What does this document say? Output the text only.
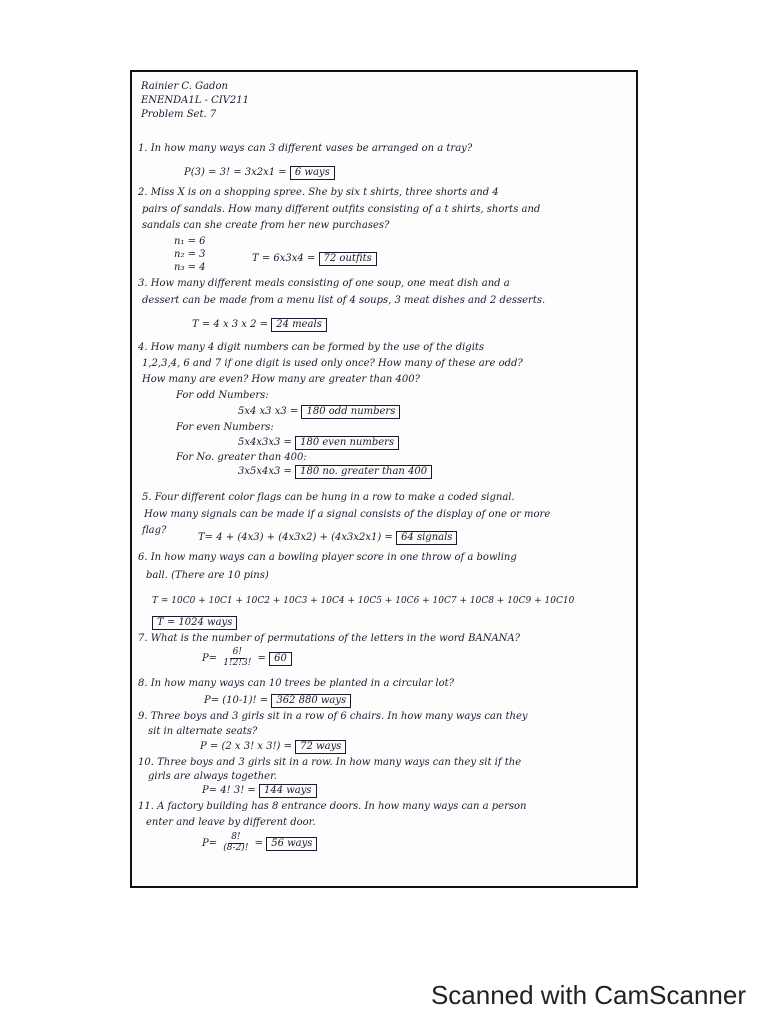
Rainier C. Gadon
ENENDA1L - CIV211
Problem Set. 7
1. In how many ways can 3 different vases be arranged on a tray?
P(3) = 3! = 3x2x1 = 6 ways
2. Miss X is on a shopping spree. She by six t shirts, three shorts and 4
pairs of sandals. How many different outfits consisting of a t shirts, shorts and
sandals can she create from her new purchases?
n₁ = 6
n₂ = 3
n₃ = 4
T = 6x3x4 = 72 outfits
3. How many different meals consisting of one soup, one meat dish and a
dessert can be made from a menu list of 4 soups, 3 meat dishes and 2 desserts.
T = 4 x 3 x 2 = 24 meals
4. How many 4 digit numbers can be formed by the use of the digits
1,2,3,4, 6 and 7 if one digit is used only once? How many of these are odd?
How many are even? How many are greater than 400?
For odd Numbers:
5x4 x3 x3 = 180 odd numbers
For even Numbers:
5x4x3x3 = 180 even numbers
For No. greater than 400:
3x5x4x3 = 180 no. greater than 400
5. Four different color flags can be hung in a row to make a coded signal.
How many signals can be made if a signal consists of the display of one or more
flag?
T= 4 + (4x3) + (4x3x2) + (4x3x2x1) = 64 signals
6. In how many ways can a bowling player score in one throw of a bowling
ball. (There are 10 pins)
T = 10C0 + 10C1 + 10C2 + 10C3 + 10C4 + 10C5 + 10C6 + 10C7 + 10C8 + 10C9 + 10C10
T = 1024 ways
7. What is the number of permutations of the letters in the word BANANA?
$P= \frac{6!}{1!2!3!} = 60$
8. In how many ways can 10 trees be planted in a circular lot?
P= (10-1)! = 362 880 ways
9. Three boys and 3 girls sit in a row of 6 chairs. In how many ways can they
sit in alternate seats?
P = (2 x 3! x 3!) = 72 ways
10. Three boys and 3 girls sit in a row. In how many ways can they sit if the
girls are always together.
P= 4! 3! = 144 ways
11. A factory building has 8 entrance doors. In how many ways can a person
enter and leave by different door.
$P= \frac{8!}{(8-2)!} = 56$ ways
Scanned with CamScanner
